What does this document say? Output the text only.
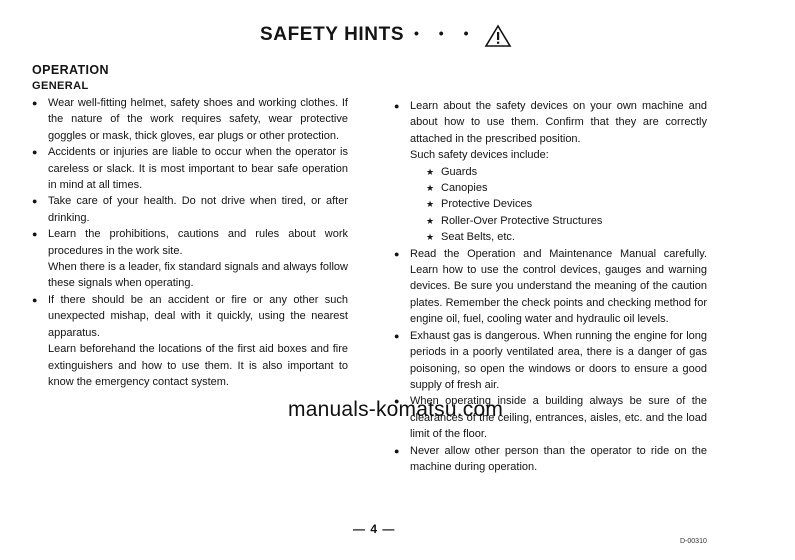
SAFETY HINTS • • •
OPERATION
GENERAL
● Wear well-fitting helmet, safety shoes and working clothes. If the nature of the work requires safety, wear protective goggles or mask, thick gloves, ear plugs or other protection.
● Accidents or injuries are liable to occur when the operator is careless or slack. It is most important to bear safe operation in mind at all times.
● Take care of your health. Do not drive when tired, or after drinking.
● Learn the prohibitions, cautions and rules about work procedures in the work site.
When there is a leader, fix standard signals and always follow these signals when operating.
● If there should be an accident or fire or any other such unexpected mishap, deal with it quickly, using the nearest apparatus.
Learn beforehand the locations of the first aid boxes and fire extinguishers and how to use them. It is also important to know the emergency contact system.
● Learn about the safety devices on your own machine and about how to use them. Confirm that they are correctly attached in the prescribed position.
Such safety devices include:
★ Guards
★ Canopies
★ Protective Devices
★ Roller-Over Protective Structures
★ Seat Belts, etc.
● Read the Operation and Maintenance Manual carefully. Learn how to use the control devices, gauges and warning devices. Be sure you understand the meaning of the caution plates. Remember the check points and checking method for engine oil, fuel, cooling water and hydraulic oil levels.
● Exhaust gas is dangerous. When running the engine for long periods in a poorly ventilated area, there is a danger of gas poisoning, so open the windows or doors to ensure a good supply of fresh air.
● When operating inside a building always be sure of the clearances of the ceiling, entrances, aisles, etc. and the load limit of the floor.
● Never allow other person than the operator to ride on the machine during operation.
manuals-komatsu.com
— 4 —
D-00310
